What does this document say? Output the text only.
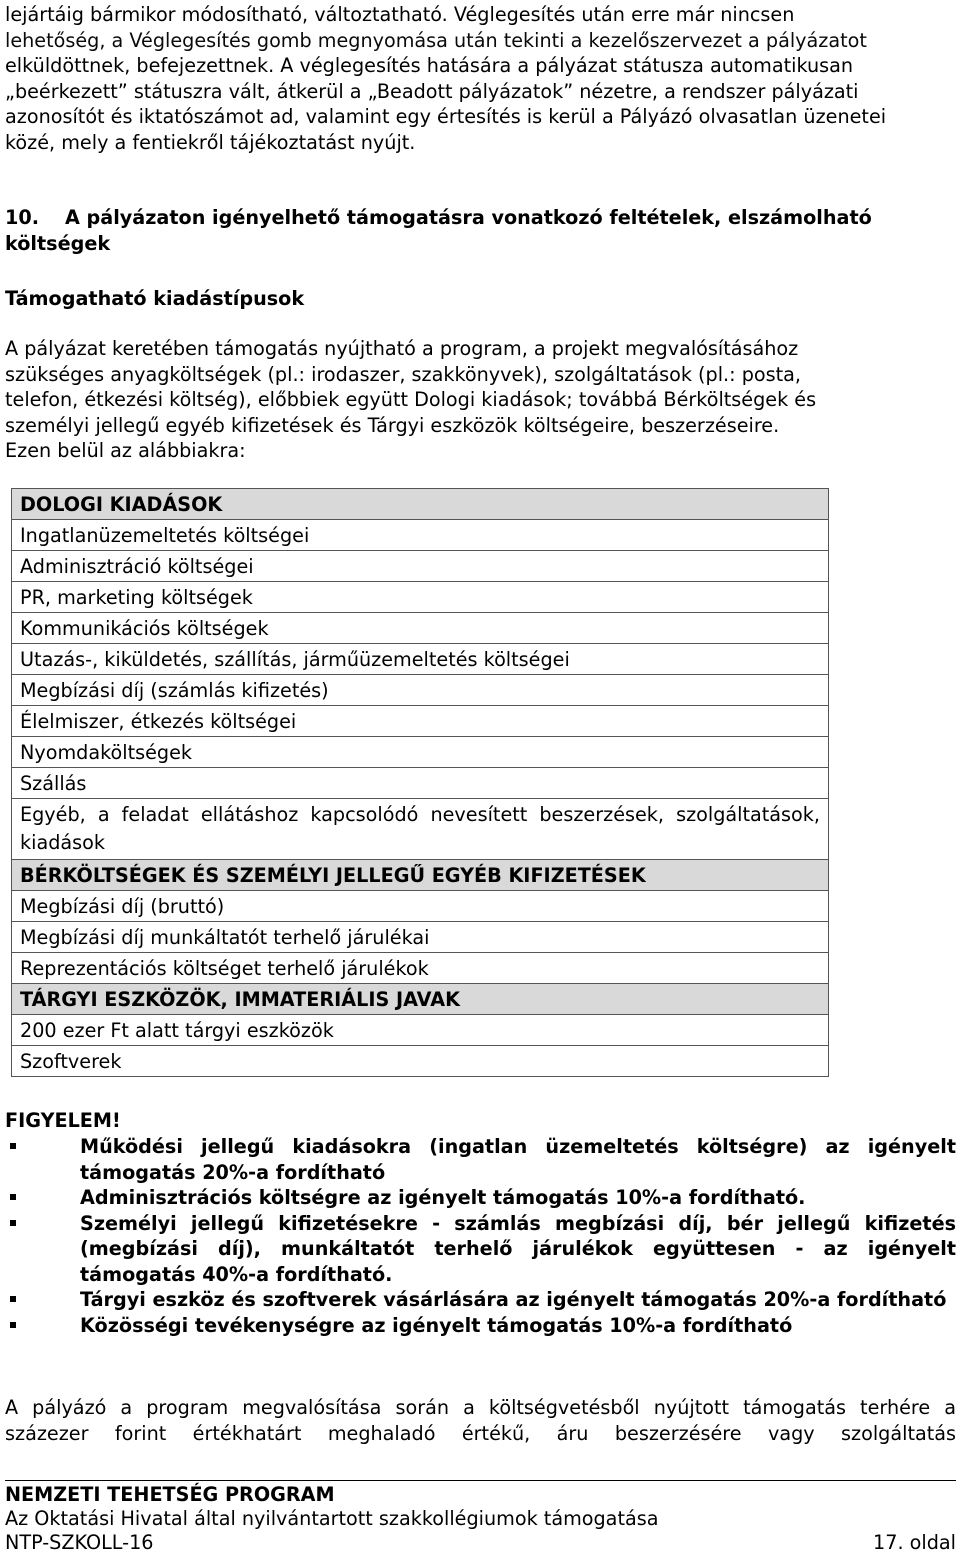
lejártáig bármikor módosítható, változtatható. Véglegesítés után erre már nincsen

lehetőség, a Véglegesítés gomb megnyomása után tekinti a kezelőszervezet a pályázatot

elküldöttnek, befejezettnek. A véglegesítés hatására a pályázat státusza automatikusan

„beérkezett” státuszra vált, átkerül a „Beadott pályázatok” nézetre, a rendszer pályázati

azonosítót és iktatószámot ad, valamint egy értesítés is kerül a Pályázó olvasatlan üzenetei

közé, mely a fentiekről tájékoztatást nyújt.

10. A pályázaton igényelhető támogatásra vonatkozó feltételek, elszámolható
költségek
Támogatható kiadástípusok

A pályázat keretében támogatás nyújtható a program, a projekt megvalósításához

szükséges anyagköltségek (pl.: irodaszer, szakkönyvek), szolgáltatások (pl.: posta,

telefon, étkezési költség), előbbiek együtt Dologi kiadások; továbbá Bérköltségek és

személyi jellegű egyéb kifizetések és Tárgyi eszközök költségeire, beszerzéseire.

Ezen belül az alábbiakra:

DOLOGI KIADÁSOK
Ingatlanüzemeltetés költségei
Adminisztráció költségei
PR, marketing költségek
Kommunikációs költségek
Utazás-, kiküldetés, szállítás, járműüzemeltetés költségei
Megbízási díj (számlás kifizetés)
Élelmiszer, étkezés költségei
Nyomdaköltségek
Szállás
Egyéb, a feladat ellátáshoz kapcsolódó nevesített beszerzések, szolgáltatások, kiadások
BÉRKÖLTSÉGEK ÉS SZEMÉLYI JELLEGŰ EGYÉB KIFIZETÉSEK
Megbízási díj (bruttó)
Megbízási díj munkáltatót terhelő járulékai
Reprezentációs költséget terhelő járulékok
TÁRGYI ESZKÖZÖK, IMMATERIÁLIS JAVAK
200 ezer Ft alatt tárgyi eszközök
Szoftverek
FIGYELEM!
Működési jellegű kiadásokra (ingatlan üzemeltetés költségre) az igényelt támogatás 20%-a fordítható
Adminisztrációs költségre az igényelt támogatás 10%-a fordítható.
Személyi jellegű kifizetésekre - számlás megbízási díj, bér jellegű kifizetés (megbízási díj), munkáltatót terhelő járulékok együttesen - az igényelt támogatás 40%-a fordítható.
Tárgyi eszköz és szoftverek vásárlására az igényelt támogatás 20%-a fordítható
Közösségi tevékenységre az igényelt támogatás 10%-a fordítható

A pályázó a program megvalósítása során a költségvetésből nyújtott támogatás terhére a

százezer forint értékhatárt meghaladó értékű, áru beszerzésére vagy szolgáltatás

NEMZETI TEHETSÉG PROGRAM
Az Oktatási Hivatal által nyilvántartott szakkollégiumok támogatása
NTP-SZKOLL-16	17. oldal
